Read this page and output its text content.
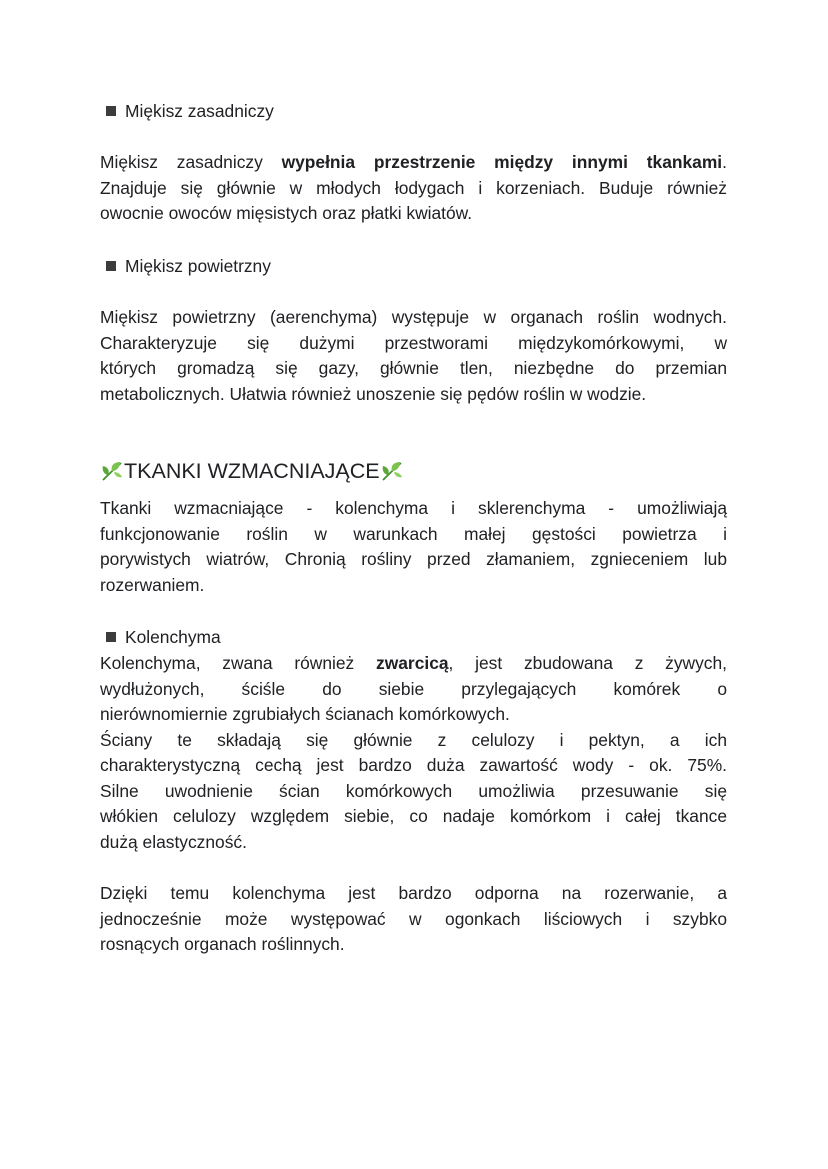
Miękisz zasadniczy

Miękisz zasadniczy wypełnia przestrzenie między innymi tkankami.

Znajduje się głównie w młodych łodygach i korzeniach. Buduje również

owocnie owoców mięsistych oraz płatki kwiatów.

Miękisz powietrzny

Miękisz powietrzny (aerenchyma) występuje w organach roślin wodnych.

Charakteryzuje się dużymi przestworami międzykomórkowymi, w

których gromadzą się gazy, głównie tlen, niezbędne do przemian

metabolicznych. Ułatwia również unoszenie się pędów roślin w wodzie.

TKANKI WZMACNIAJĄCE

Tkanki wzmacniające - kolenchyma i sklerenchyma - umożliwiają

funkcjonowanie roślin w warunkach małej gęstości powietrza i

porywistych wiatrów, Chronią rośliny przed złamaniem, zgnieceniem lub

rozerwaniem.

Kolenchyma

Kolenchyma, zwana również zwarcicą, jest zbudowana z żywych,

wydłużonych, ściśle do siebie przylegających komórek o

nierównomiernie zgrubiałych ścianach komórkowych.

Ściany te składają się głównie z celulozy i pektyn, a ich

charakterystyczną cechą jest bardzo duża zawartość wody - ok. 75%.

Silne uwodnienie ścian komórkowych umożliwia przesuwanie się

włókien celulozy względem siebie, co nadaje komórkom i całej tkance

dużą elastyczność.

Dzięki temu kolenchyma jest bardzo odporna na rozerwanie, a

jednocześnie może występować w ogonkach liściowych i szybko

rosnących organach roślinnych.
